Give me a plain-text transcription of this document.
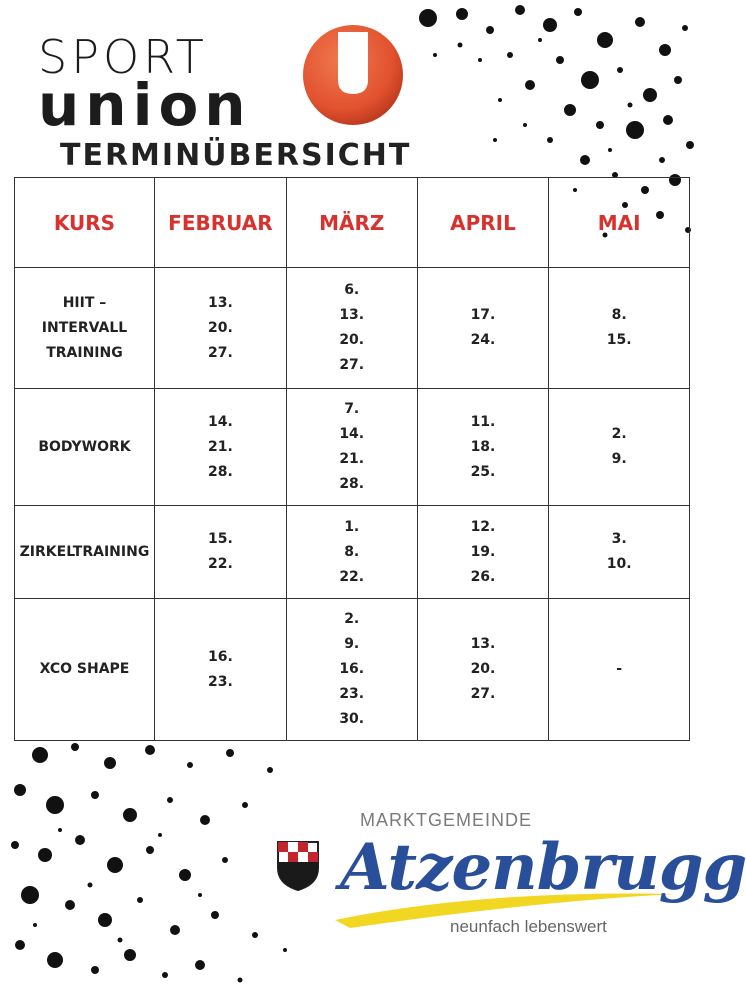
SPORT
union
TERMINÜBERSICHT
KURS	FEBRUAR	MÄRZ	APRIL	MAI

HIIT –
INTERVALL
TRAINING	13.
20.
27.	6.
13.
20.
27.	17.
24.	8.
15.

BODYWORK	14.
21.
28.	7.
14.
21.
28.	11.
18.
25.	2.
9.

ZIRKELTRAINING	15.
22.	1.
8.
22.	12.
19.
26.	3.
10.

XCO SHAPE	16.
23.	2.
9.
16.
23.
30.	13.
20.
27.	-
MARKTGEMEINDE
Atzenbrugg
neunfach lebenswert
